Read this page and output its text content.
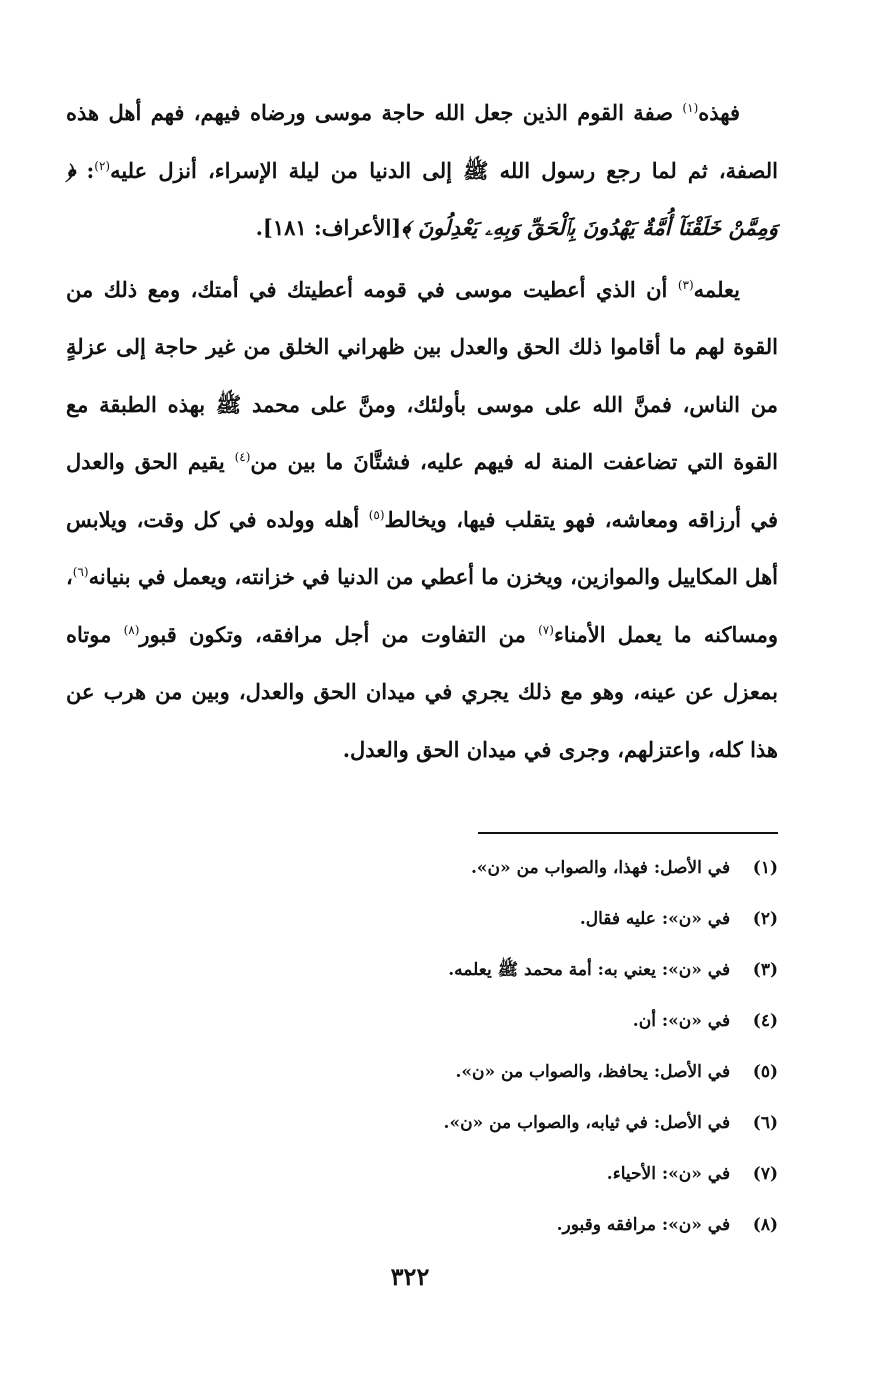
فهذه$^{(١)}$ صفة القوم الذين جعل الله حاجة موسى ورضاه فيهم، فهم أهل هذه الصفة، ثم لما رجع رسول الله ﷺ إلى الدنيا من ليلة الإسراء، أنزل عليه$^{(٢)}$: ﴿ وَمِمَّنْ خَلَقْنَآ أُمَّةٌ يَهْدُونَ بِٱلْحَقِّ وَبِهِۦ يَعْدِلُونَ ﴾[الأعراف: ١٨١].

يعلمه$^{(٣)}$ أن الذي أعطيت موسى في قومه أعطيتك في أمتك، ومع ذلك من القوة لهم ما أقاموا ذلك الحق والعدل بين ظهراني الخلق من غير حاجة إلى عزلةٍ من الناس، فمنَّ الله على موسى بأولئك، ومنَّ على محمد ﷺ بهذه الطبقة مع القوة التي تضاعفت المنة له فيهم عليه، فشتَّانَ ما بين من$^{(٤)}$ يقيم الحق والعدل في أرزاقه ومعاشه، فهو يتقلب فيها، ويخالط$^{(٥)}$ أهله وولده في كل وقت، ويلابس أهل المكاييل والموازين، ويخزن ما أعطي من الدنيا في خزانته، ويعمل في بنيانه$^{(٦)}$، ومساكنه ما يعمل الأمناء$^{(٧)}$ من التفاوت من أجل مرافقه، وتكون قبور$^{(٨)}$ موتاه بمعزل عن عينه، وهو مع ذلك يجري في ميدان الحق والعدل، وبين من هرب عن هذا كله، واعتزلهم، وجرى في ميدان الحق والعدل.

(١) في الأصل: فهذا، والصواب من «ن».
(٢) في «ن»: عليه فقال.
(٣) في «ن»: يعني به: أمة محمد ﷺ يعلمه.
(٤) في «ن»: أن.
(٥) في الأصل: يحافظ، والصواب من «ن».
(٦) في الأصل: في ثيابه، والصواب من «ن».
(٧) في «ن»: الأحياء.
(٨) في «ن»: مرافقه وقبور.
٣٢٢
